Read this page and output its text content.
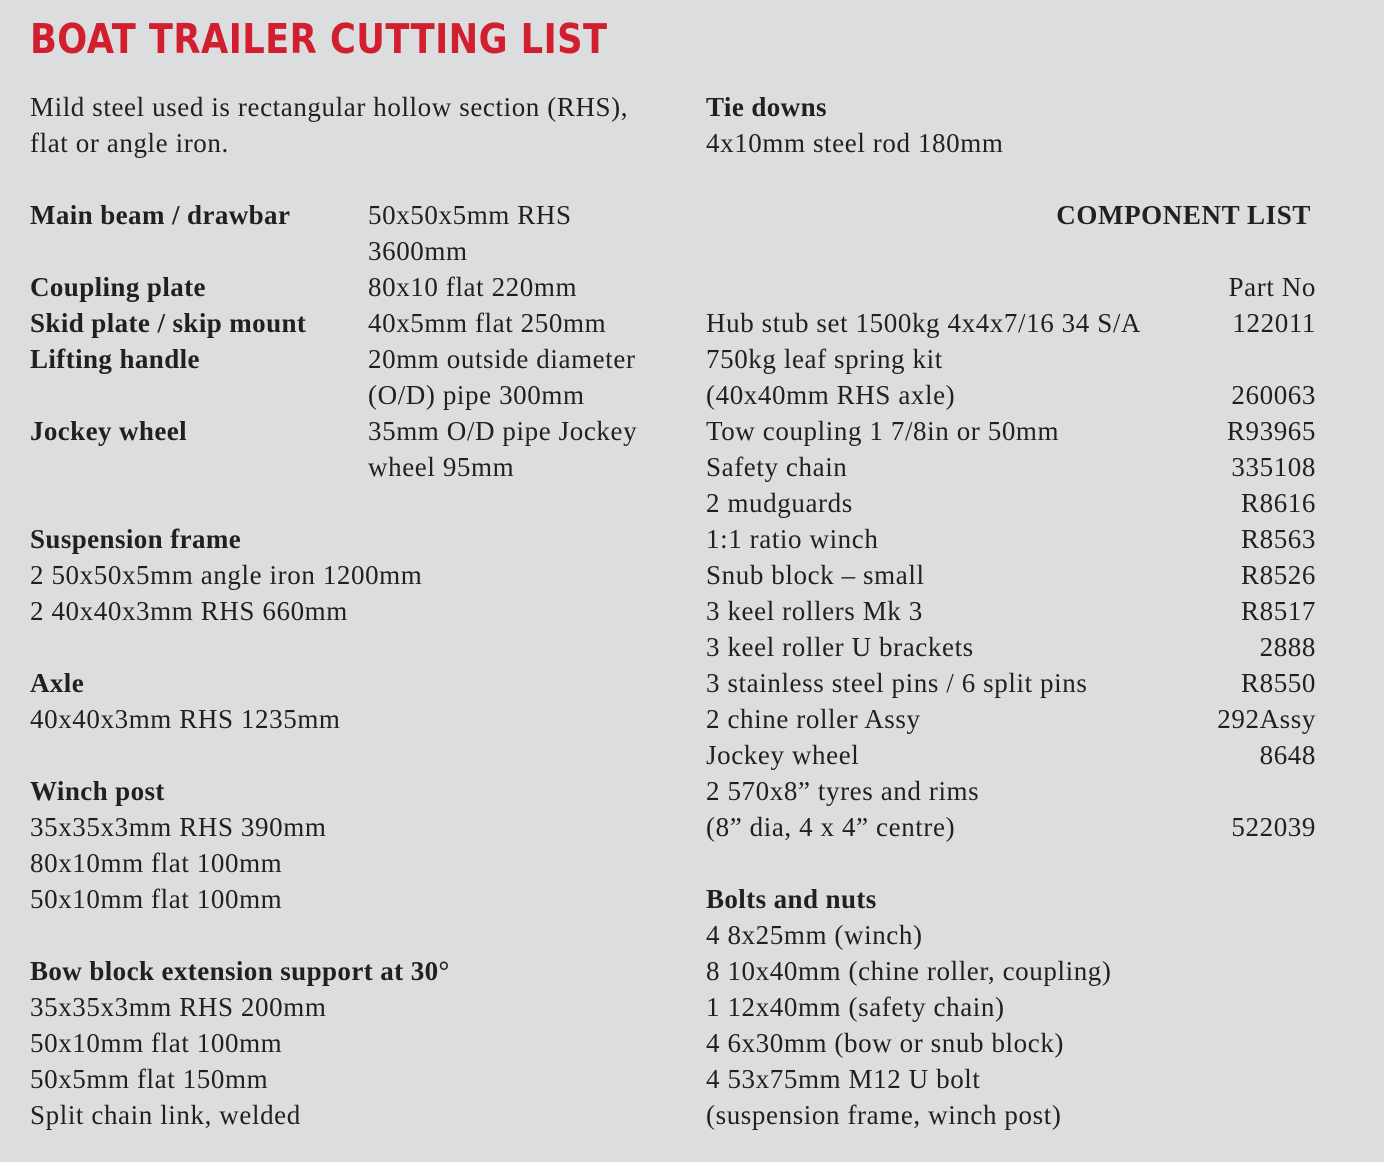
BOAT TRAILER CUTTING LIST
Mild steel used is rectangular hollow section (RHS),
flat or angle iron.
Main beam / drawbar	50x50x5mm RHS
3600mm
Coupling plate	80x10 flat 220mm
Skid plate / skip mount	40x5mm flat 250mm
Lifting handle	20mm outside diameter
(O/D) pipe 300mm
Jockey wheel	35mm O/D pipe Jockey
wheel 95mm
Suspension frame
2 50x50x5mm angle iron 1200mm
2 40x40x3mm RHS 660mm
Axle
40x40x3mm RHS 1235mm
Winch post
35x35x3mm RHS 390mm
80x10mm flat 100mm
50x10mm flat 100mm
Bow block extension support at 30°
35x35x3mm RHS 200mm
50x10mm flat 100mm
50x5mm flat 150mm
Split chain link, welded
Tie downs
4x10mm steel rod 180mm
COMPONENT LIST
Part No
Hub stub set 1500kg 4x4x7/16 34 S/A	122011
750kg leaf spring kit
(40x40mm RHS axle)	260063
Tow coupling 1 7/8in or 50mm	R93965
Safety chain	335108
2 mudguards	R8616
1:1 ratio winch	R8563
Snub block – small	R8526
3 keel rollers Mk 3	R8517
3 keel roller U brackets	2888
3 stainless steel pins / 6 split pins	R8550
2 chine roller Assy	292Assy
Jockey wheel	8648
2 570x8” tyres and rims
(8” dia, 4 x 4” centre)	522039
Bolts and nuts
4 8x25mm (winch)
8 10x40mm (chine roller, coupling)
1 12x40mm (safety chain)
4 6x30mm (bow or snub block)
4 53x75mm M12 U bolt
(suspension frame, winch post)
